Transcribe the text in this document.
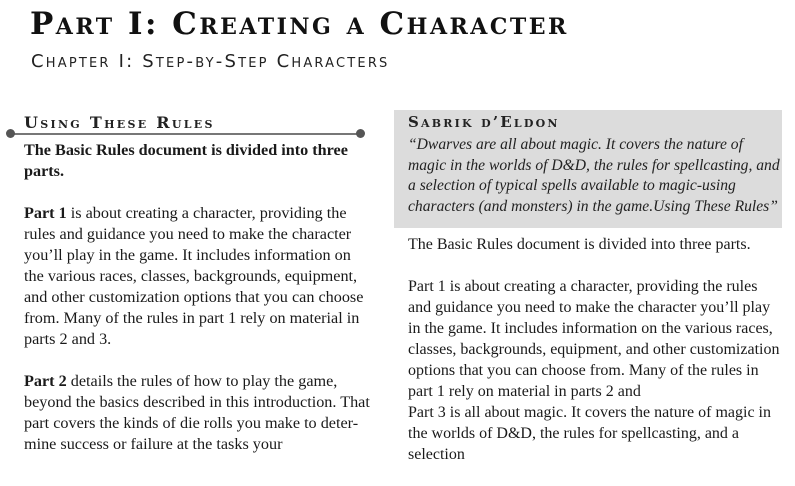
Part I: Creating a Character
Chapter I: Step-by-Step Characters
Using These Rules

The Basic Rules document is divided into three parts.

Part 1 is about creating a character, providing the rules and guidance you need to make the character you’ll play in the game. It includes information on the various races, classes, backgrounds, equipment, and other customization options that you can choose from. Many of the rules in part 1 rely on material in parts 2 and 3.

Part 2 details the rules of how to play the game, beyond the basics described in this introduction. That part covers the kinds of die rolls you make to deter-mine success or failure at the tasks your

Sabrik d’Eldon

“Dwarves are all about magic. It covers the nature of magic in the worlds of D&D, the rules for spellcasting, and a selection of typical spells available to magic-using characters (and monsters) in the game.Using These Rules”

The Basic Rules document is divided into three parts.

Part 1 is about creating a character, providing the rules and guidance you need to make the character you’ll play in the game. It includes information on the various races, classes, backgrounds, equipment, and other customization options that you can choose from. Many of the rules in part 1 rely on material in parts 2 and

Part 3 is all about magic. It covers the nature of magic in the worlds of D&D, the rules for spellcasting, and a selection
